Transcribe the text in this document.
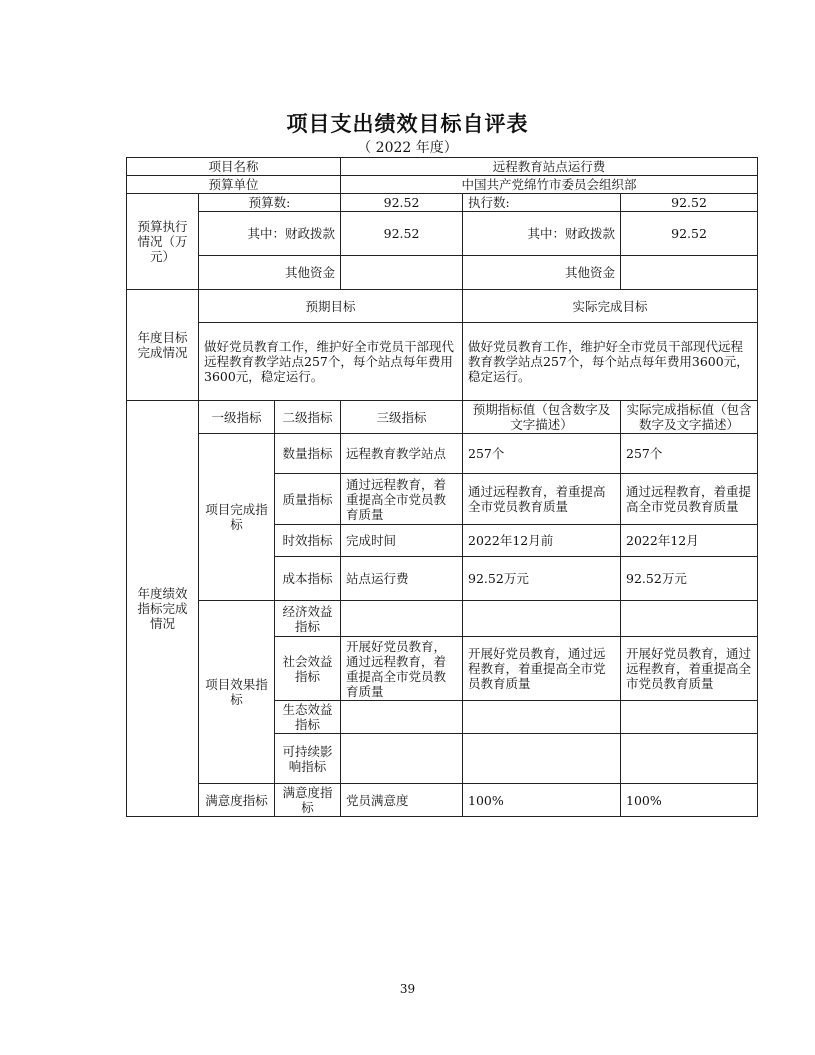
项目支出绩效目标自评表
（ 2022 年度）
项目名称			远程教育站点运行费		
预算单位			中国共产党绵竹市委员会组织部		
预算执行情况（万元）	预算数:		92.52	执行数:	92.52
	其中：财政拨款		92.52	其中：财政拨款	92.52
	其他资金			其他资金	
年度目标完成情况	预期目标			实际完成目标	
	做好党员教育工作，维护好全市党员干部现代远程教育教学站点257个，每个站点每年费用3600元，稳定运行。			做好党员教育工作，维护好全市党员干部现代远程教育教学站点257个，每个站点每年费用3600元，稳定运行。	
年度绩效指标完成情况	一级指标	二级指标	三级指标	预期指标值（包含数字及文字描述）	实际完成指标值（包含数字及文字描述）
	项目完成指标	数量指标	远程教育教学站点	257个	257个
		质量指标	通过远程教育，着重提高全市党员教育质量	通过远程教育，着重提高全市党员教育质量	通过远程教育，着重提高全市党员教育质量
		时效指标	完成时间	2022年12月前	2022年12月
		成本指标	站点运行费	92.52万元	92.52万元
	项目效果指标	经济效益指标			
		社会效益指标	开展好党员教育，通过远程教育，着重提高全市党员教育质量	开展好党员教育，通过远程教育，着重提高全市党员教育质量	开展好党员教育，通过远程教育，着重提高全市党员教育质量
		生态效益指标			
		可持续影响指标			
	满意度指标	满意度指标	党员满意度	100%	100%
39
